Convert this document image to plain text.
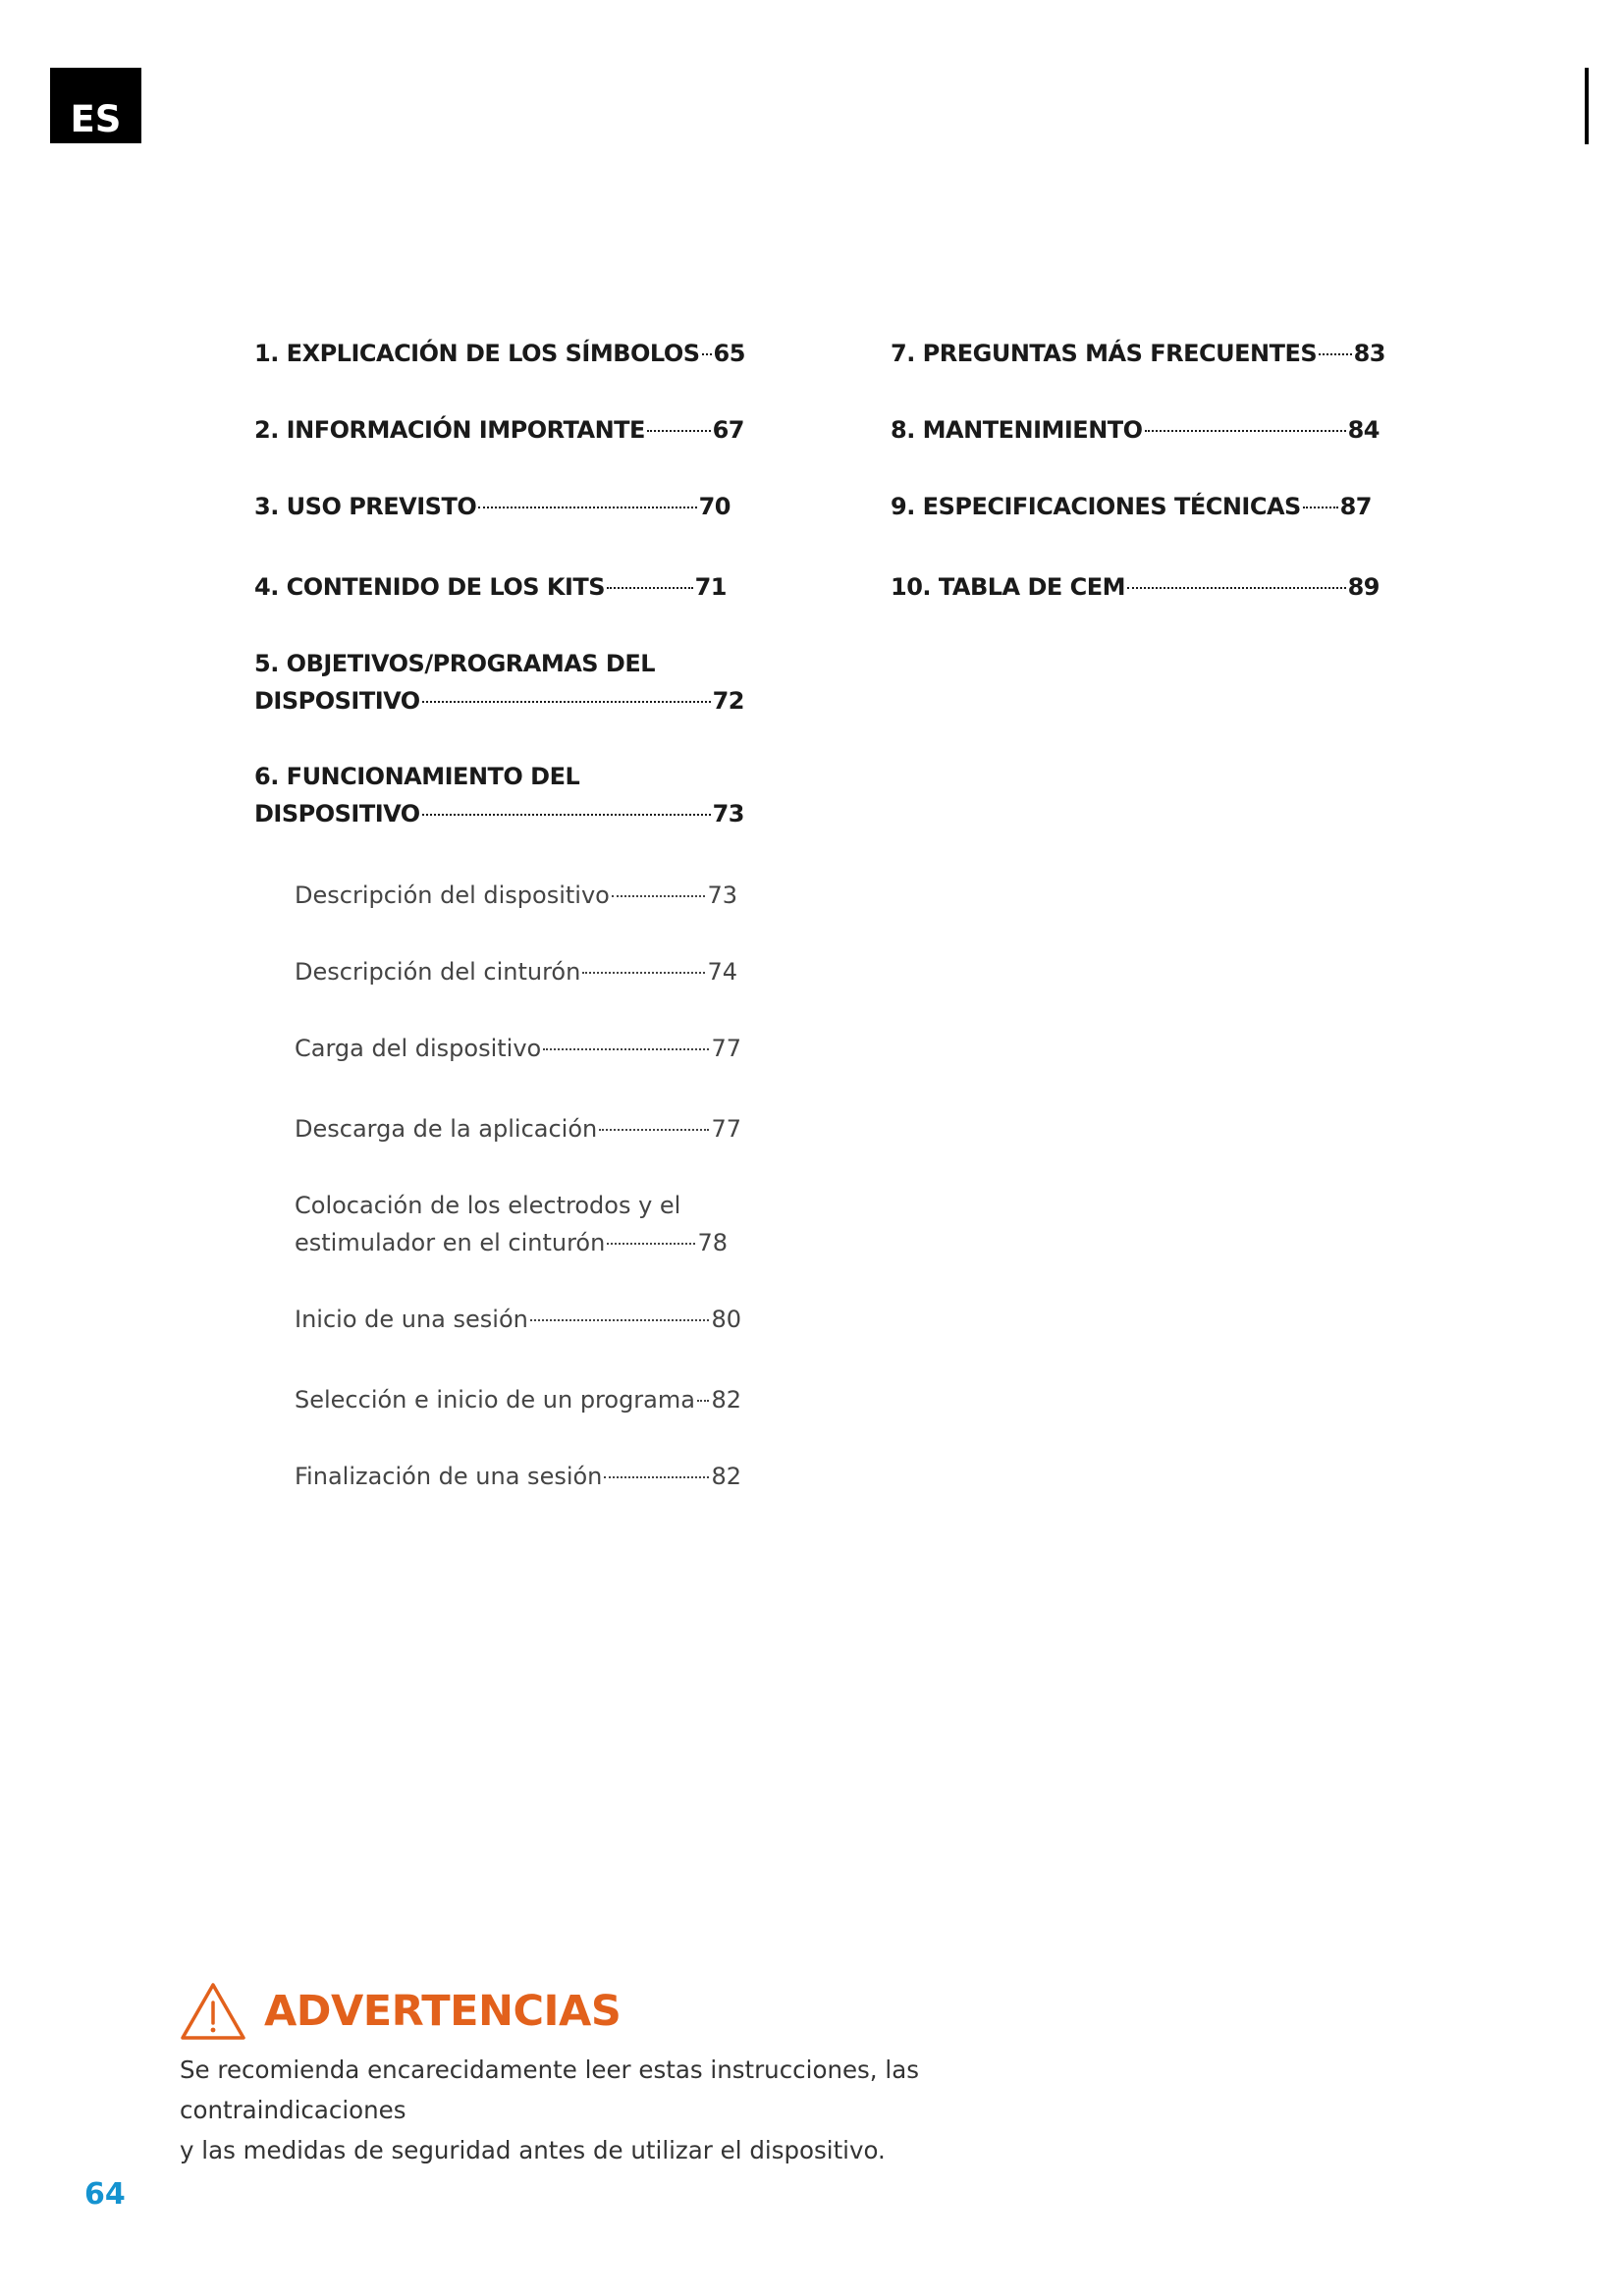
ES
1. EXPLICACIÓN DE LOS SÍMBOLOS 65
2. INFORMACIÓN IMPORTANTE	67
3. USO PREVISTO	70
4. CONTENIDO DE LOS KITS	71
5. OBJETIVOS/PROGRAMAS DEL
DISPOSITIVO	72
6. FUNCIONAMIENTO DEL
DISPOSITIVO	73
Descripción del dispositivo	73
Descripción del cinturón	74
Carga del dispositivo	77
Descarga de la aplicación	77
Colocación de los electrodos y el
estimulador en el cinturón	78
Inicio de una sesión	80
Selección e inicio de un programa 82
Finalización de una sesión	82
7. PREGUNTAS MÁS FRECUENTES 83
8. MANTENIMIENTO	84
9. ESPECIFICACIONES TÉCNICAS 87
10. TABLA DE CEM	89
ADVERTENCIAS
Se recomienda encarecidamente leer estas instrucciones, las contraindicaciones
y las medidas de seguridad antes de utilizar el dispositivo.
64
